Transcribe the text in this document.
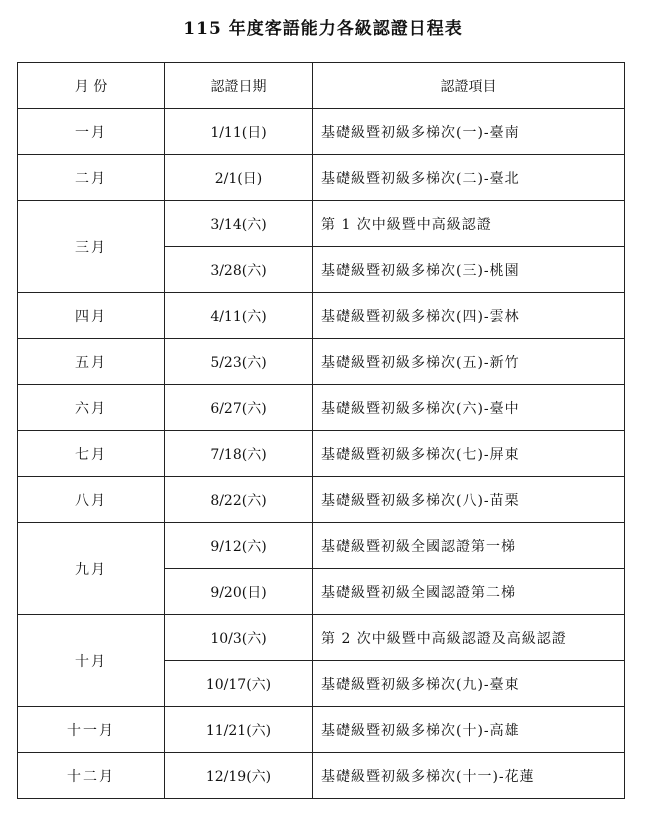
115 年度客語能力各級認證日程表
月 份	認證日期	認證項目
一月	1/11(日)	基礎級暨初級多梯次(一)-臺南
二月	2/1(日)	基礎級暨初級多梯次(二)-臺北
三月	3/14(六)	第 1 次中級暨中高級認證
	3/28(六)	基礎級暨初級多梯次(三)-桃園
四月	4/11(六)	基礎級暨初級多梯次(四)-雲林
五月	5/23(六)	基礎級暨初級多梯次(五)-新竹
六月	6/27(六)	基礎級暨初級多梯次(六)-臺中
七月	7/18(六)	基礎級暨初級多梯次(七)-屏東
八月	8/22(六)	基礎級暨初級多梯次(八)-苗栗
九月	9/12(六)	基礎級暨初級全國認證第一梯
	9/20(日)	基礎級暨初級全國認證第二梯
十月	10/3(六)	第 2 次中級暨中高級認證及高級認證
	10/17(六)	基礎級暨初級多梯次(九)-臺東
十一月	11/21(六)	基礎級暨初級多梯次(十)-高雄
十二月	12/19(六)	基礎級暨初級多梯次(十一)-花蓮
